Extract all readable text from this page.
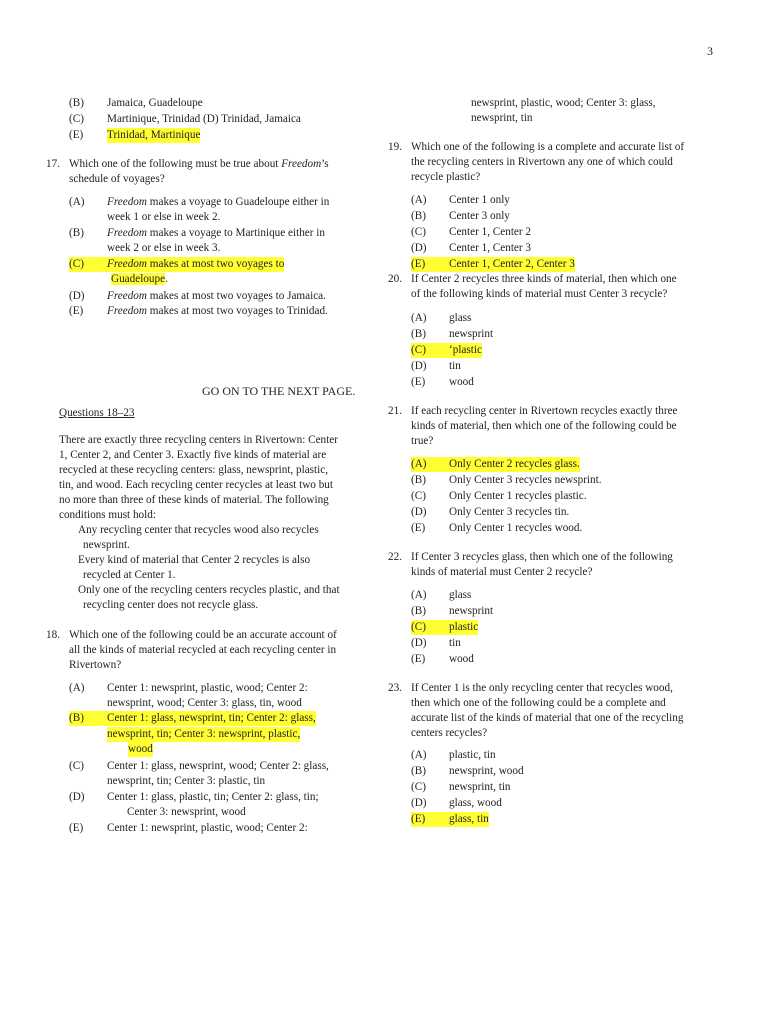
3
(B) Jamaica, Guadeloupe
(C) Martinique, Trinidad (D) Trinidad, Jamaica
(E) Trinidad, Martinique
17. Which one of the following must be true about Freedom’s
schedule of voyages?
(A) Freedom makes a voyage to Guadeloupe either in
week 1 or else in week 2.
(B) Freedom makes a voyage to Martinique either in
week 2 or else in week 3.
(C)	Freedom makes at most two voyages to
Guadeloupe.
(D) Freedom makes at most two voyages to Jamaica.
(E) Freedom makes at most two voyages to Trinidad.
GO ON TO THE NEXT PAGE.
Questions 18–23
There are exactly three recycling centers in Rivertown: Center
1, Center 2, and Center 3. Exactly five kinds of material are
recycled at these recycling centers: glass, newsprint, plastic,
tin, and wood. Each recycling center recycles at least two but
no more than three of these kinds of material. The following
conditions must hold:
Any recycling center that recycles wood also recycles
newsprint.
Every kind of material that Center 2 recycles is also
recycled at Center 1.
Only one of the recycling centers recycles plastic, and that
recycling center does not recycle glass.
18. Which one of the following could be an accurate account of
all the kinds of material recycled at each recycling center in
Rivertown?
(A) Center 1: newsprint, plastic, wood; Center 2:
newsprint, wood; Center 3: glass, tin, wood
(B)	Center 1: glass, newsprint, tin; Center 2: glass,
newsprint, tin; Center 3: newsprint, plastic,
wood
(C) Center 1: glass, newsprint, wood; Center 2: glass,
newsprint, tin; Center 3: plastic, tin
(D) Center 1: glass, plastic, tin; Center 2: glass, tin;
Center 3: newsprint, wood
(E) Center 1: newsprint, plastic, wood; Center 2:
newsprint, plastic, wood; Center 3: glass,
newsprint, tin
19. Which one of the following is a complete and accurate list of
the recycling centers in Rivertown any one of which could
recycle plastic?
(A) Center 1 only
(B) Center 3 only
(C) Center 1, Center 2
(D) Center 1, Center 3
(E)	Center 1, Center 2, Center 3
20. If Center 2 recycles three kinds of material, then which one
of the following kinds of material must Center 3 recycle?
(A) glass
(B) newsprint
(C)	‘plastic
(D) tin
(E) wood
21. If each recycling center in Rivertown recycles exactly three
kinds of material, then which one of the following could be
true?
(A)	Only Center 2 recycles glass.
(B) Only Center 3 recycles newsprint.
(C) Only Center 1 recycles plastic.
(D) Only Center 3 recycles tin.
(E) Only Center 1 recycles wood.
22. If Center 3 recycles glass, then which one of the following
kinds of material must Center 2 recycle?
(A) glass
(B) newsprint
(C)	plastic
(D) tin
(E) wood
23. If Center 1 is the only recycling center that recycles wood,
then which one of the following could be a complete and
accurate list of the kinds of material that one of the recycling
centers recycles?
(A) plastic, tin
(B) newsprint, wood
(C) newsprint, tin
(D) glass, wood
(E)	glass, tin
